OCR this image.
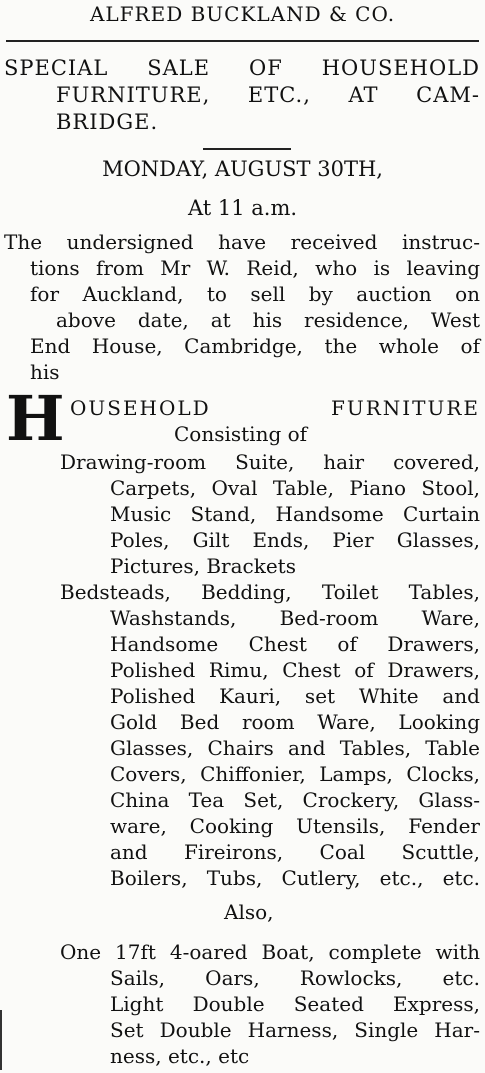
ALFRED BUCKLAND & CO.
SPECIAL SALE OF HOUSEHOLD
FURNITURE, ETC., AT CAM-
BRIDGE.
MONDAY, AUGUST 30TH,
At 11 a.m.
The undersigned have received instruc-
tions from Mr W. Reid, who is leaving
for Auckland, to sell by auction on
above date, at his residence, West
End House, Cambridge, the whole of
his
H OUSEHOLD FURNITURE
Consisting of
Drawing-room Suite, hair covered,
Carpets, Oval Table, Piano Stool,
Music Stand, Handsome Curtain
Poles, Gilt Ends, Pier Glasses,
Pictures, Brackets
Bedsteads, Bedding, Toilet Tables,
Washstands, Bed-room Ware,
Handsome Chest of Drawers,
Polished Rimu, Chest of Drawers,
Polished Kauri, set White and
Gold Bed room Ware, Looking
Glasses, Chairs and Tables, Table
Covers, Chiffonier, Lamps, Clocks,
China Tea Set, Crockery, Glass-
ware, Cooking Utensils, Fender
and Fireirons, Coal Scuttle,
Boilers, Tubs, Cutlery, etc., etc.
Also,
One 17ft 4-oared Boat, complete with
Sails, Oars, Rowlocks, etc.
Light Double Seated Express,
Set Double Harness, Single Har-
ness, etc., etc
